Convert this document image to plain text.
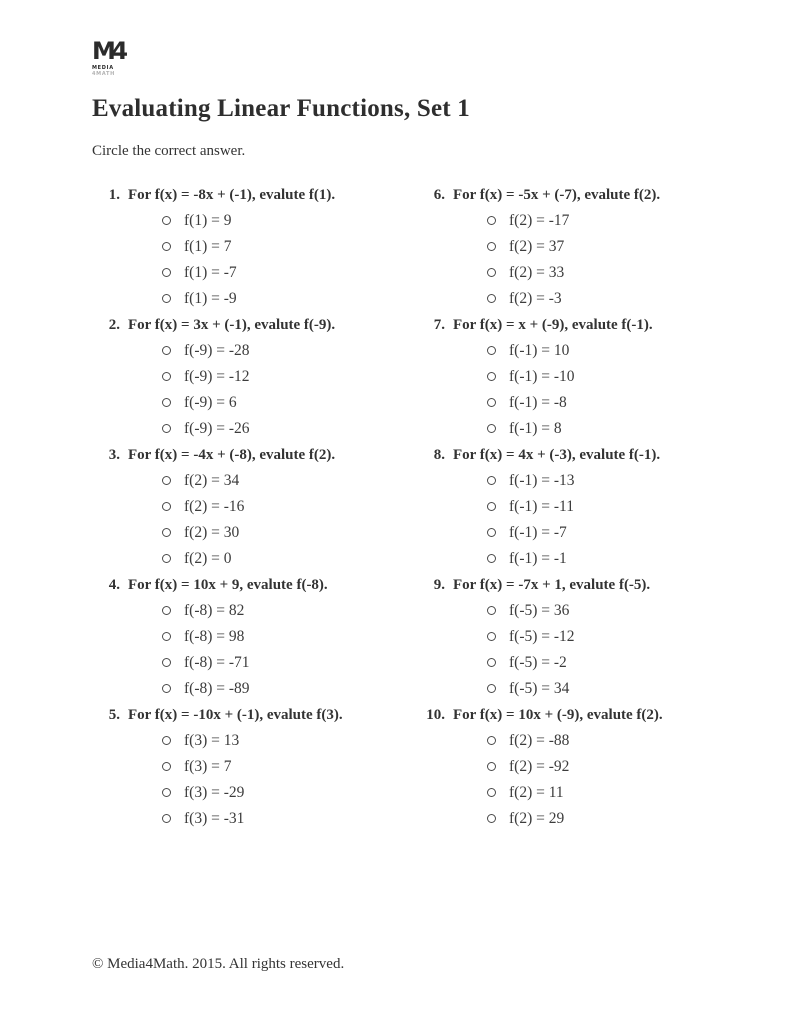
M4
MEDIA
4MATH
Evaluating Linear Functions, Set 1

Circle the correct answer.

1. For f(x) = -8x + (-1), evalute f(1).
f(1) = 9
f(1) = 7
f(1) = -7
f(1) = -9
2. For f(x) = 3x + (-1), evalute f(-9).
f(-9) = -28
f(-9) = -12
f(-9) = 6
f(-9) = -26
3. For f(x) = -4x + (-8), evalute f(2).
f(2) = 34
f(2) = -16
f(2) = 30
f(2) = 0
4. For f(x) = 10x + 9, evalute f(-8).
f(-8) = 82
f(-8) = 98
f(-8) = -71
f(-8) = -89
5. For f(x) = -10x + (-1), evalute f(3).
f(3) = 13
f(3) = 7
f(3) = -29
f(3) = -31
6. For f(x) = -5x + (-7), evalute f(2).
f(2) = -17
f(2) = 37
f(2) = 33
f(2) = -3
7. For f(x) = x + (-9), evalute f(-1).
f(-1) = 10
f(-1) = -10
f(-1) = -8
f(-1) = 8
8. For f(x) = 4x + (-3), evalute f(-1).
f(-1) = -13
f(-1) = -11
f(-1) = -7
f(-1) = -1
9. For f(x) = -7x + 1, evalute f(-5).
f(-5) = 36
f(-5) = -12
f(-5) = -2
f(-5) = 34
10. For f(x) = 10x + (-9), evalute f(2).
f(2) = -88
f(2) = -92
f(2) = 11
f(2) = 29
© Media4Math. 2015. All rights reserved.
